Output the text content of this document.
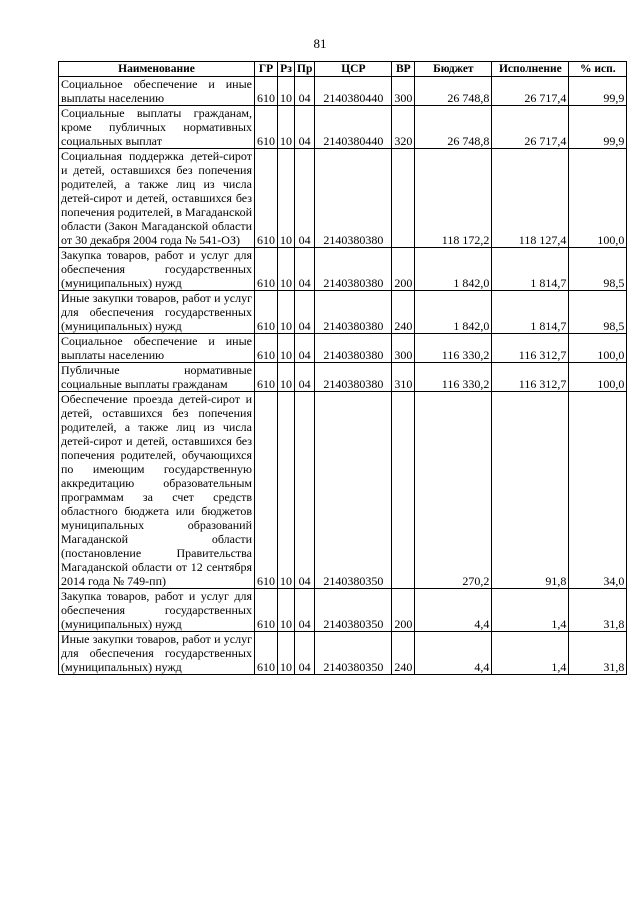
81
Наименование	ГР	Рз	Пр	ЦСР	ВР	Бюджет	Исполнение	% исп.
Социальное обеспечение и иные выплаты населению	610	10	04	2140380440	300	26 748,8	26 717,4	99,9
Социальные выплаты гражданам, кроме публичных нормативных социальных выплат	610	10	04	2140380440	320	26 748,8	26 717,4	99,9
Социальная поддержка детей-сирот и детей, оставшихся без попечения родителей, а также лиц из числа детей-сирот и детей, оставшихся без попечения родителей, в Магаданской области (Закон Магаданской области от 30 декабря 2004 года № 541-ОЗ)	610	10	04	2140380380		118 172,2	118 127,4	100,0
Закупка товаров, работ и услуг для обеспечения государственных (муниципальных) нужд	610	10	04	2140380380	200	1 842,0	1 814,7	98,5
Иные закупки товаров, работ и услуг для обеспечения государственных (муниципальных) нужд	610	10	04	2140380380	240	1 842,0	1 814,7	98,5
Социальное обеспечение и иные выплаты населению	610	10	04	2140380380	300	116 330,2	116 312,7	100,0
Публичные нормативные социальные выплаты гражданам	610	10	04	2140380380	310	116 330,2	116 312,7	100,0
Обеспечение проезда детей-сирот и детей, оставшихся без попечения родителей, а также лиц из числа детей-сирот и детей, оставшихся без попечения родителей, обучающихся по имеющим государственную аккредитацию образовательным программам за счет средств областного бюджета или бюджетов муниципальных образований Магаданской области (постановление Правительства Магаданской области от 12 сентября 2014 года № 749-пп)	610	10	04	2140380350		270,2	91,8	34,0
Закупка товаров, работ и услуг для обеспечения государственных (муниципальных) нужд	610	10	04	2140380350	200	4,4	1,4	31,8
Иные закупки товаров, работ и услуг для обеспечения государственных (муниципальных) нужд	610	10	04	2140380350	240	4,4	1,4	31,8
